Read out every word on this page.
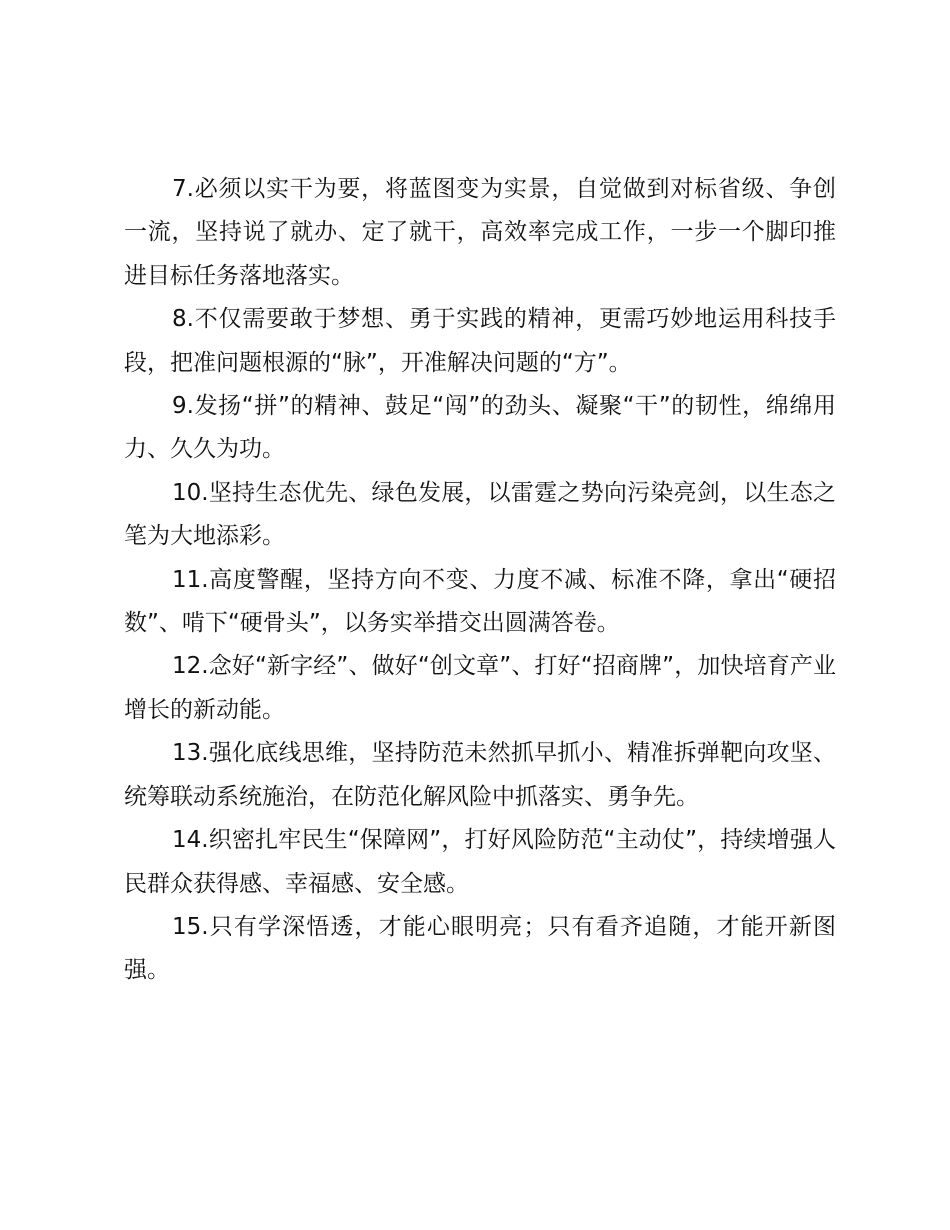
7.必须以实干为要，将蓝图变为实景，自觉做到对标省级、争创一流，坚持说了就办、定了就干，高效率完成工作，一步一个脚印推进目标任务落地落实。

8.不仅需要敢于梦想、勇于实践的精神，更需巧妙地运用科技手段，把准问题根源的“脉”，开准解决问题的“方”。

9.发扬“拼”的精神、鼓足“闯”的劲头、凝聚“干”的韧性，绵绵用力、久久为功。

10.坚持生态优先、绿色发展，以雷霆之势向污染亮剑，以生态之笔为大地添彩。

11.高度警醒，坚持方向不变、力度不减、标准不降，拿出“硬招数”、啃下“硬骨头”，以务实举措交出圆满答卷。

12.念好“新字经”、做好“创文章”、打好“招商牌”，加快培育产业增长的新动能。

13.强化底线思维，坚持防范未然抓早抓小、精准拆弹靶向攻坚、统筹联动系统施治，在防范化解风险中抓落实、勇争先。

14.织密扎牢民生“保障网”，打好风险防范“主动仗”，持续增强人民群众获得感、幸福感、安全感。

15.只有学深悟透，才能心眼明亮；只有看齐追随，才能开新图强。
